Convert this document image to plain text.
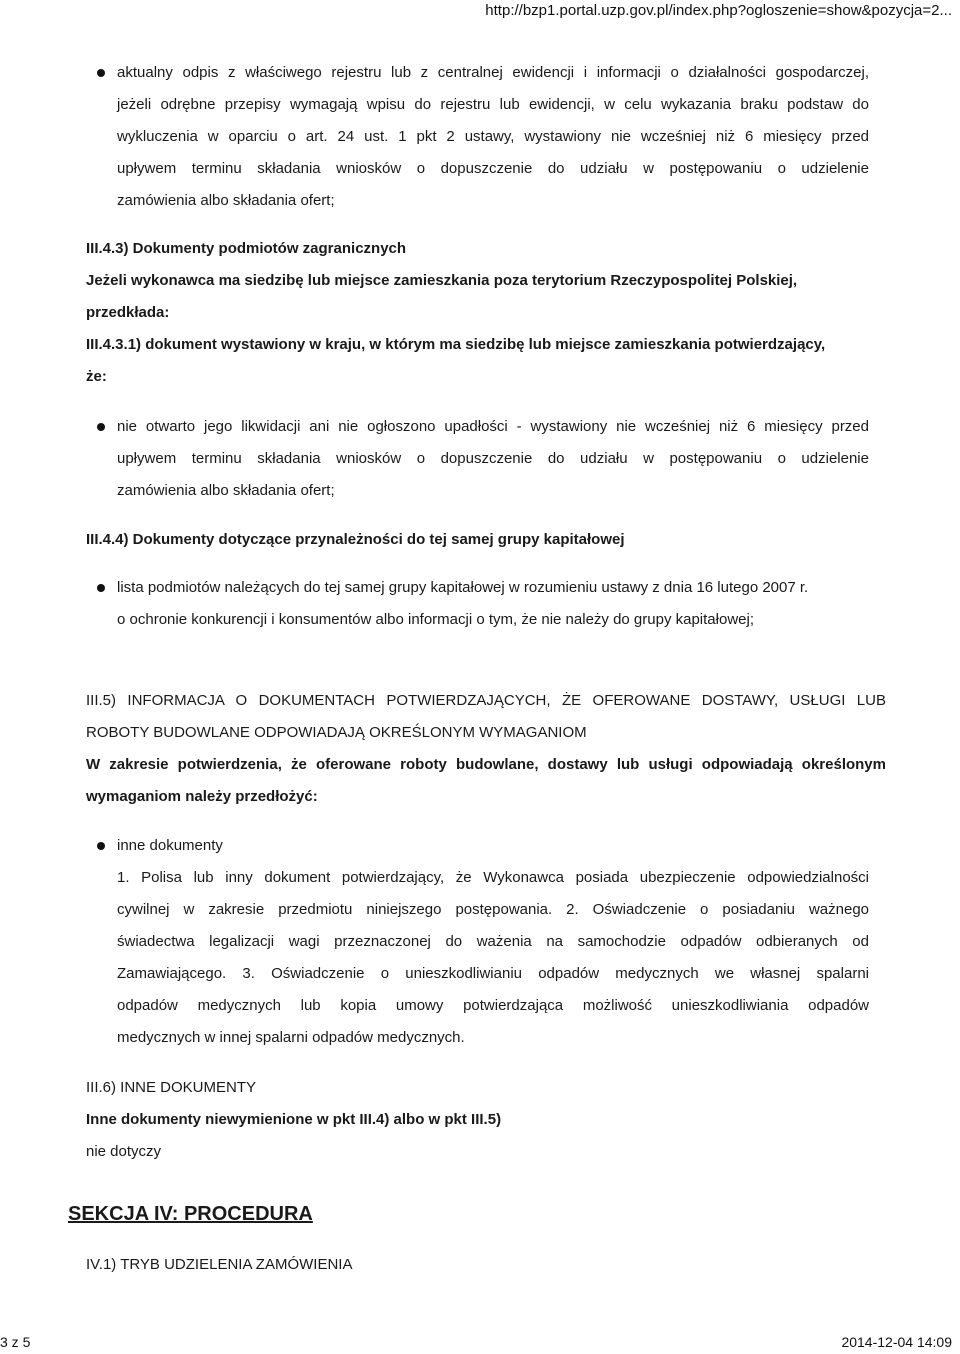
http://bzp1.portal.uzp.gov.pl/index.php?ogloszenie=show&pozycja=2...
aktualny odpis z właściwego rejestru lub z centralnej ewidencji i informacji o działalności gospodarczej,
jeżeli odrębne przepisy wymagają wpisu do rejestru lub ewidencji, w celu wykazania braku podstaw do
wykluczenia w oparciu o art. 24 ust. 1 pkt 2 ustawy, wystawiony nie wcześniej niż 6 miesięcy przed
upływem terminu składania wniosków o dopuszczenie do udziału w postępowaniu o udzielenie
zamówienia albo składania ofert;
III.4.3) Dokumenty podmiotów zagranicznych
Jeżeli wykonawca ma siedzibę lub miejsce zamieszkania poza terytorium Rzeczypospolitej Polskiej,
przedkłada:
III.4.3.1) dokument wystawiony w kraju, w którym ma siedzibę lub miejsce zamieszkania potwierdzający,
że:
nie otwarto jego likwidacji ani nie ogłoszono upadłości - wystawiony nie wcześniej niż 6 miesięcy przed
upływem terminu składania wniosków o dopuszczenie do udziału w postępowaniu o udzielenie
zamówienia albo składania ofert;
III.4.4) Dokumenty dotyczące przynależności do tej samej grupy kapitałowej
lista podmiotów należących do tej samej grupy kapitałowej w rozumieniu ustawy z dnia 16 lutego 2007 r.
o ochronie konkurencji i konsumentów albo informacji o tym, że nie należy do grupy kapitałowej;
III.5) INFORMACJA O DOKUMENTACH POTWIERDZAJĄCYCH, ŻE OFEROWANE DOSTAWY, USŁUGI LUB
ROBOTY BUDOWLANE ODPOWIADAJĄ OKREŚLONYM WYMAGANIOM
W zakresie potwierdzenia, że oferowane roboty budowlane, dostawy lub usługi odpowiadają określonym
wymaganiom należy przedłożyć:
inne dokumenty
1. Polisa lub inny dokument potwierdzający, że Wykonawca posiada ubezpieczenie odpowiedzialności
cywilnej w zakresie przedmiotu niniejszego postępowania. 2. Oświadczenie o posiadaniu ważnego
świadectwa legalizacji wagi przeznaczonej do ważenia na samochodzie odpadów odbieranych od
Zamawiającego. 3. Oświadczenie o unieszkodliwianiu odpadów medycznych we własnej spalarni
odpadów medycznych lub kopia umowy potwierdzająca możliwość unieszkodliwiania odpadów
medycznych w innej spalarni odpadów medycznych.
III.6) INNE DOKUMENTY
Inne dokumenty niewymienione w pkt III.4) albo w pkt III.5)
nie dotyczy
SEKCJA IV: PROCEDURA
IV.1) TRYB UDZIELENIA ZAMÓWIENIA
3 z 5	2014-12-04 14:09
